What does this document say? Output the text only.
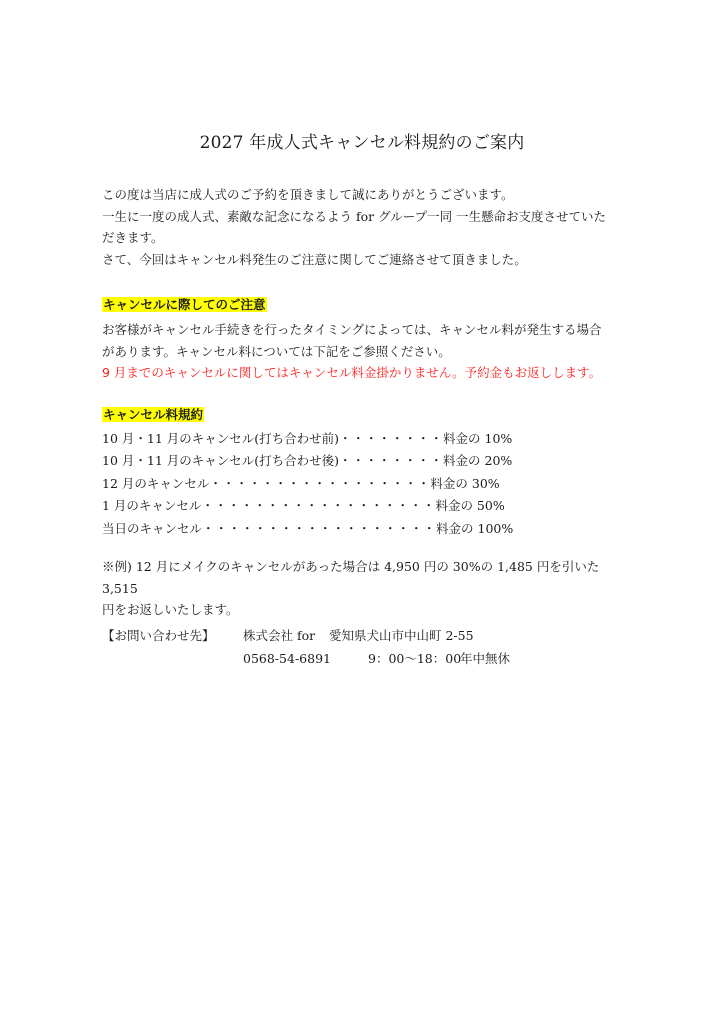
2027 年成人式キャンセル料規約のご案内

この度は当店に成人式のご予約を頂きまして誠にありがとうございます。

一生に一度の成人式、素敵な記念になるよう for グループ一同 一生懸命お支度させていた

だきます。

さて、今回はキャンセル料発生のご注意に関してご連絡させて頂きました。

キャンセルに際してのご注意

お客様がキャンセル手続きを行ったタイミングによっては、キャンセル料が発生する場合

があります。キャンセル料については下記をご参照ください。

9 月までのキャンセルに関してはキャンセル料金掛かりません。予約金もお返しします。

キャンセル料規約
10 月・11 月のキャンセル(打ち合わせ前) ・・・・・・・・ 料金の 10%
10 月・11 月のキャンセル(打ち合わせ後) ・・・・・・・・ 料金の 20%
12 月のキャンセル ・・・・・・・・・・・・・・・・・ 料金の 30%
1 月のキャンセル ・・・・・・・・・・・・・・・・・・ 料金の 50%
当日のキャンセル ・・・・・・・・・・・・・・・・・・ 料金の 100%

※例) 12 月にメイクのキャンセルがあった場合は 4,950 円の 30%の 1,485 円を引いた 3,515

円をお返しいたします。

【お問い合わせ先】 株式会社 for 愛知県犬山市中山町 2-55
0568-54-6891	9：00～18：00
年中無休
